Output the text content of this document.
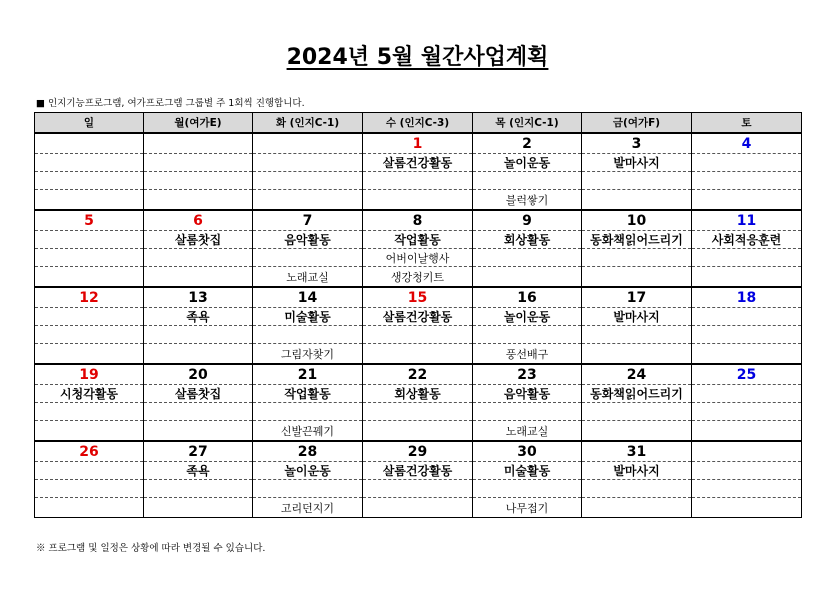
2024년 5월 월간사업계획
■ 인지기능프로그램, 여가프로그램 그룹별 주 1회씩 진행합니다.
일	월(여가E)	화 (인지C-1)	수 (인지C-3)	목 (인지C-1)	금(여가F)	토
			1	2	3	4
			살롬건강활동	놀이운동	발마사지	

				블럭쌓기		
5	6	7	8	9	10	11
	살롬찻집	음악활동	작업활동	회상활동	동화책읽어드리기	사회적응훈련
			어버이날행사			
		노래교실	생강청키트			
12	13	14	15	16	17	18
	족욕	미술활동	살롬건강활동	놀이운동	발마사지	

		그림자찾기		풍선배구		
19	20	21	22	23	24	25
시청각활동	살롬찻집	작업활동	회상활동	음악활동	동화책읽어드리기	

		신발끈꿰기		노래교실		
26	27	28	29	30	31	
	족욕	놀이운동	살롬건강활동	미술활동	발마사지	

		고리던지기		나무접기		
※ 프로그램 및 일정은 상황에 따라 변경될 수 있습니다.
